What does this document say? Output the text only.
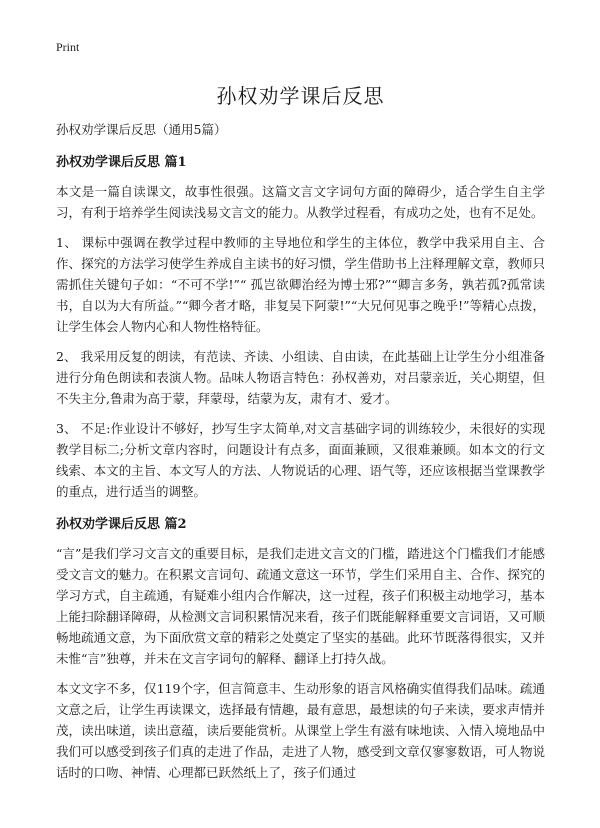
Print
孙权劝学课后反思
孙权劝学课后反思（通用5篇）
孙权劝学课后反思 篇1

本文是一篇自读课文，故事性很强。这篇文言文字词句方面的障碍少，适合学生自主学习，有利于培养学生阅读浅易文言文的能力。从教学过程看，有成功之处，也有不足处。

1、 课标中强调在教学过程中教师的主导地位和学生的主体位，教学中我采用自主、合作、探究的方法学习使学生养成自主读书的好习惯，学生借助书上注释理解文章，教师只需抓住关键句子如：“不可不学!”“ 孤岂欲卿治经为博士邪?”“卿言多务，孰若孤?孤常读书，自以为大有所益。”“卿今者才略，非复吴下阿蒙!”“大兄何见事之晚乎!”等精心点拨，让学生体会人物内心和人物性格特征。

2、 我采用反复的朗读，有范读、齐读、小组读、自由读，在此基础上让学生分小组准备进行分角色朗读和表演人物。品味人物语言特色：孙权善劝，对吕蒙亲近，关心期望，但不失主分,鲁肃为高于蒙，拜蒙母，结蒙为友，肃有才、爱才。

3、 不足:作业设计不够好，抄写生字太简单,对文言基础字词的训练较少，未很好的实现教学目标二;分析文章内容时，问题设计有点多，面面兼顾，又很难兼顾。如本文的行文线索、本文的主旨、本文写人的方法、人物说话的心理、语气等，还应该根据当堂课教学的重点，进行适当的调整。

孙权劝学课后反思 篇2

“言”是我们学习文言文的重要目标，是我们走进文言文的门槛，踏进这个门槛我们才能感受文言文的魅力。在积累文言词句、疏通文意这一环节，学生们采用自主、合作、探究的学习方式，自主疏通，有疑难小组内合作解决，这一过程，孩子们积极主动地学习，基本上能扫除翻译障碍，从检测文言词积累情况来看，孩子们既能解释重要文言词语，又可顺畅地疏通文意，为下面欣赏文章的精彩之处奠定了坚实的基础。此环节既落得很实，又并未惟“言”独尊，并未在文言字词句的解释、翻译上打持久战。

本文文字不多，仅119个字，但言简意丰、生动形象的语言风格确实值得我们品味。疏通文意之后，让学生再读课文，选择最有情趣，最有意思，最想读的句子来读，要求声情并茂，读出味道，读出意蕴，读后要能赏析。从课堂上学生有滋有味地读、入情入境地品中我们可以感受到孩子们真的走进了作品，走进了人物，感受到文章仅寥寥数语，可人物说话时的口吻、神情、心理都已跃然纸上了，孩子们通过
